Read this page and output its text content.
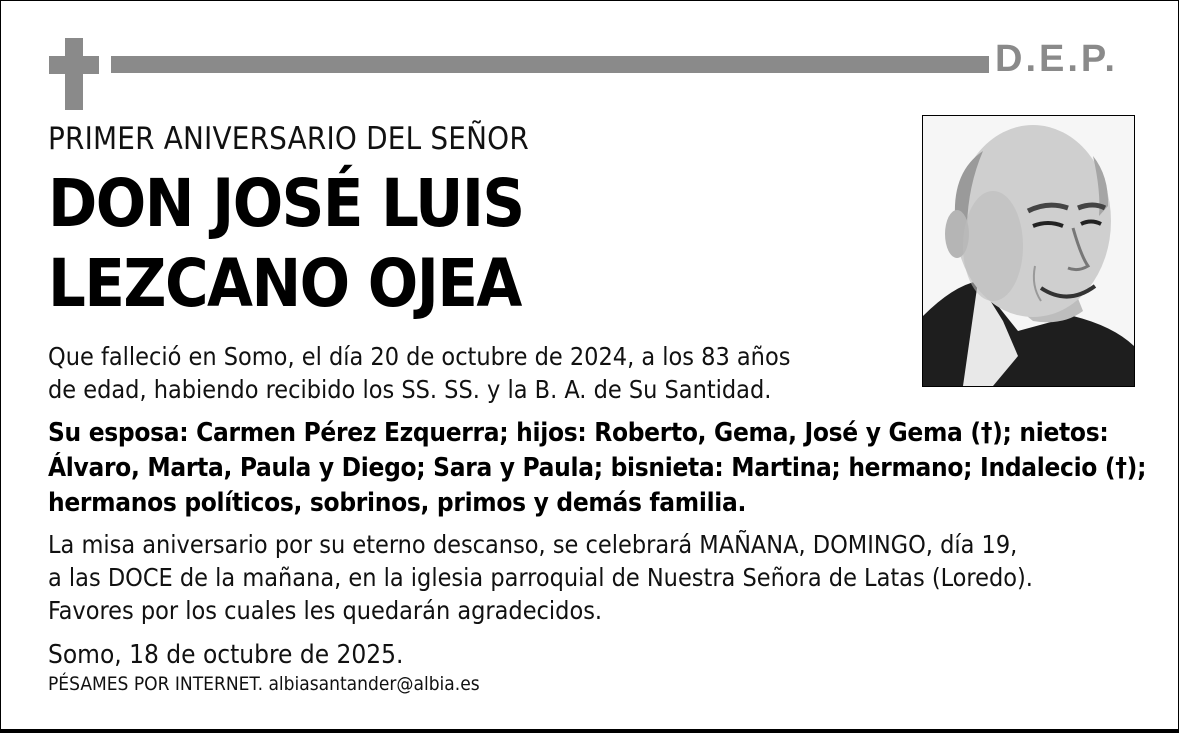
D.E.P.
PRIMER ANIVERSARIO DEL SEÑOR
DON JOSÉ LUIS
LEZCANO OJEA
Que falleció en Somo, el día 20 de octubre de 2024, a los 83 años
de edad, habiendo recibido los SS. SS. y la B. A. de Su Santidad.
Su esposa: Carmen Pérez Ezquerra; hijos: Roberto, Gema, José y Gema (†); nietos:
Álvaro, Marta, Paula y Diego; Sara y Paula; bisnieta: Martina; hermano; Indalecio (†);
hermanos políticos, sobrinos, primos y demás familia.
La misa aniversario por su eterno descanso, se celebrará MAÑANA, DOMINGO, día 19,
a las DOCE de la mañana, en la iglesia parroquial de Nuestra Señora de Latas (Loredo).
Favores por los cuales les quedarán agradecidos.
Somo, 18 de octubre de 2025.
PÉSAMES POR INTERNET. albiasantander@albia.es
